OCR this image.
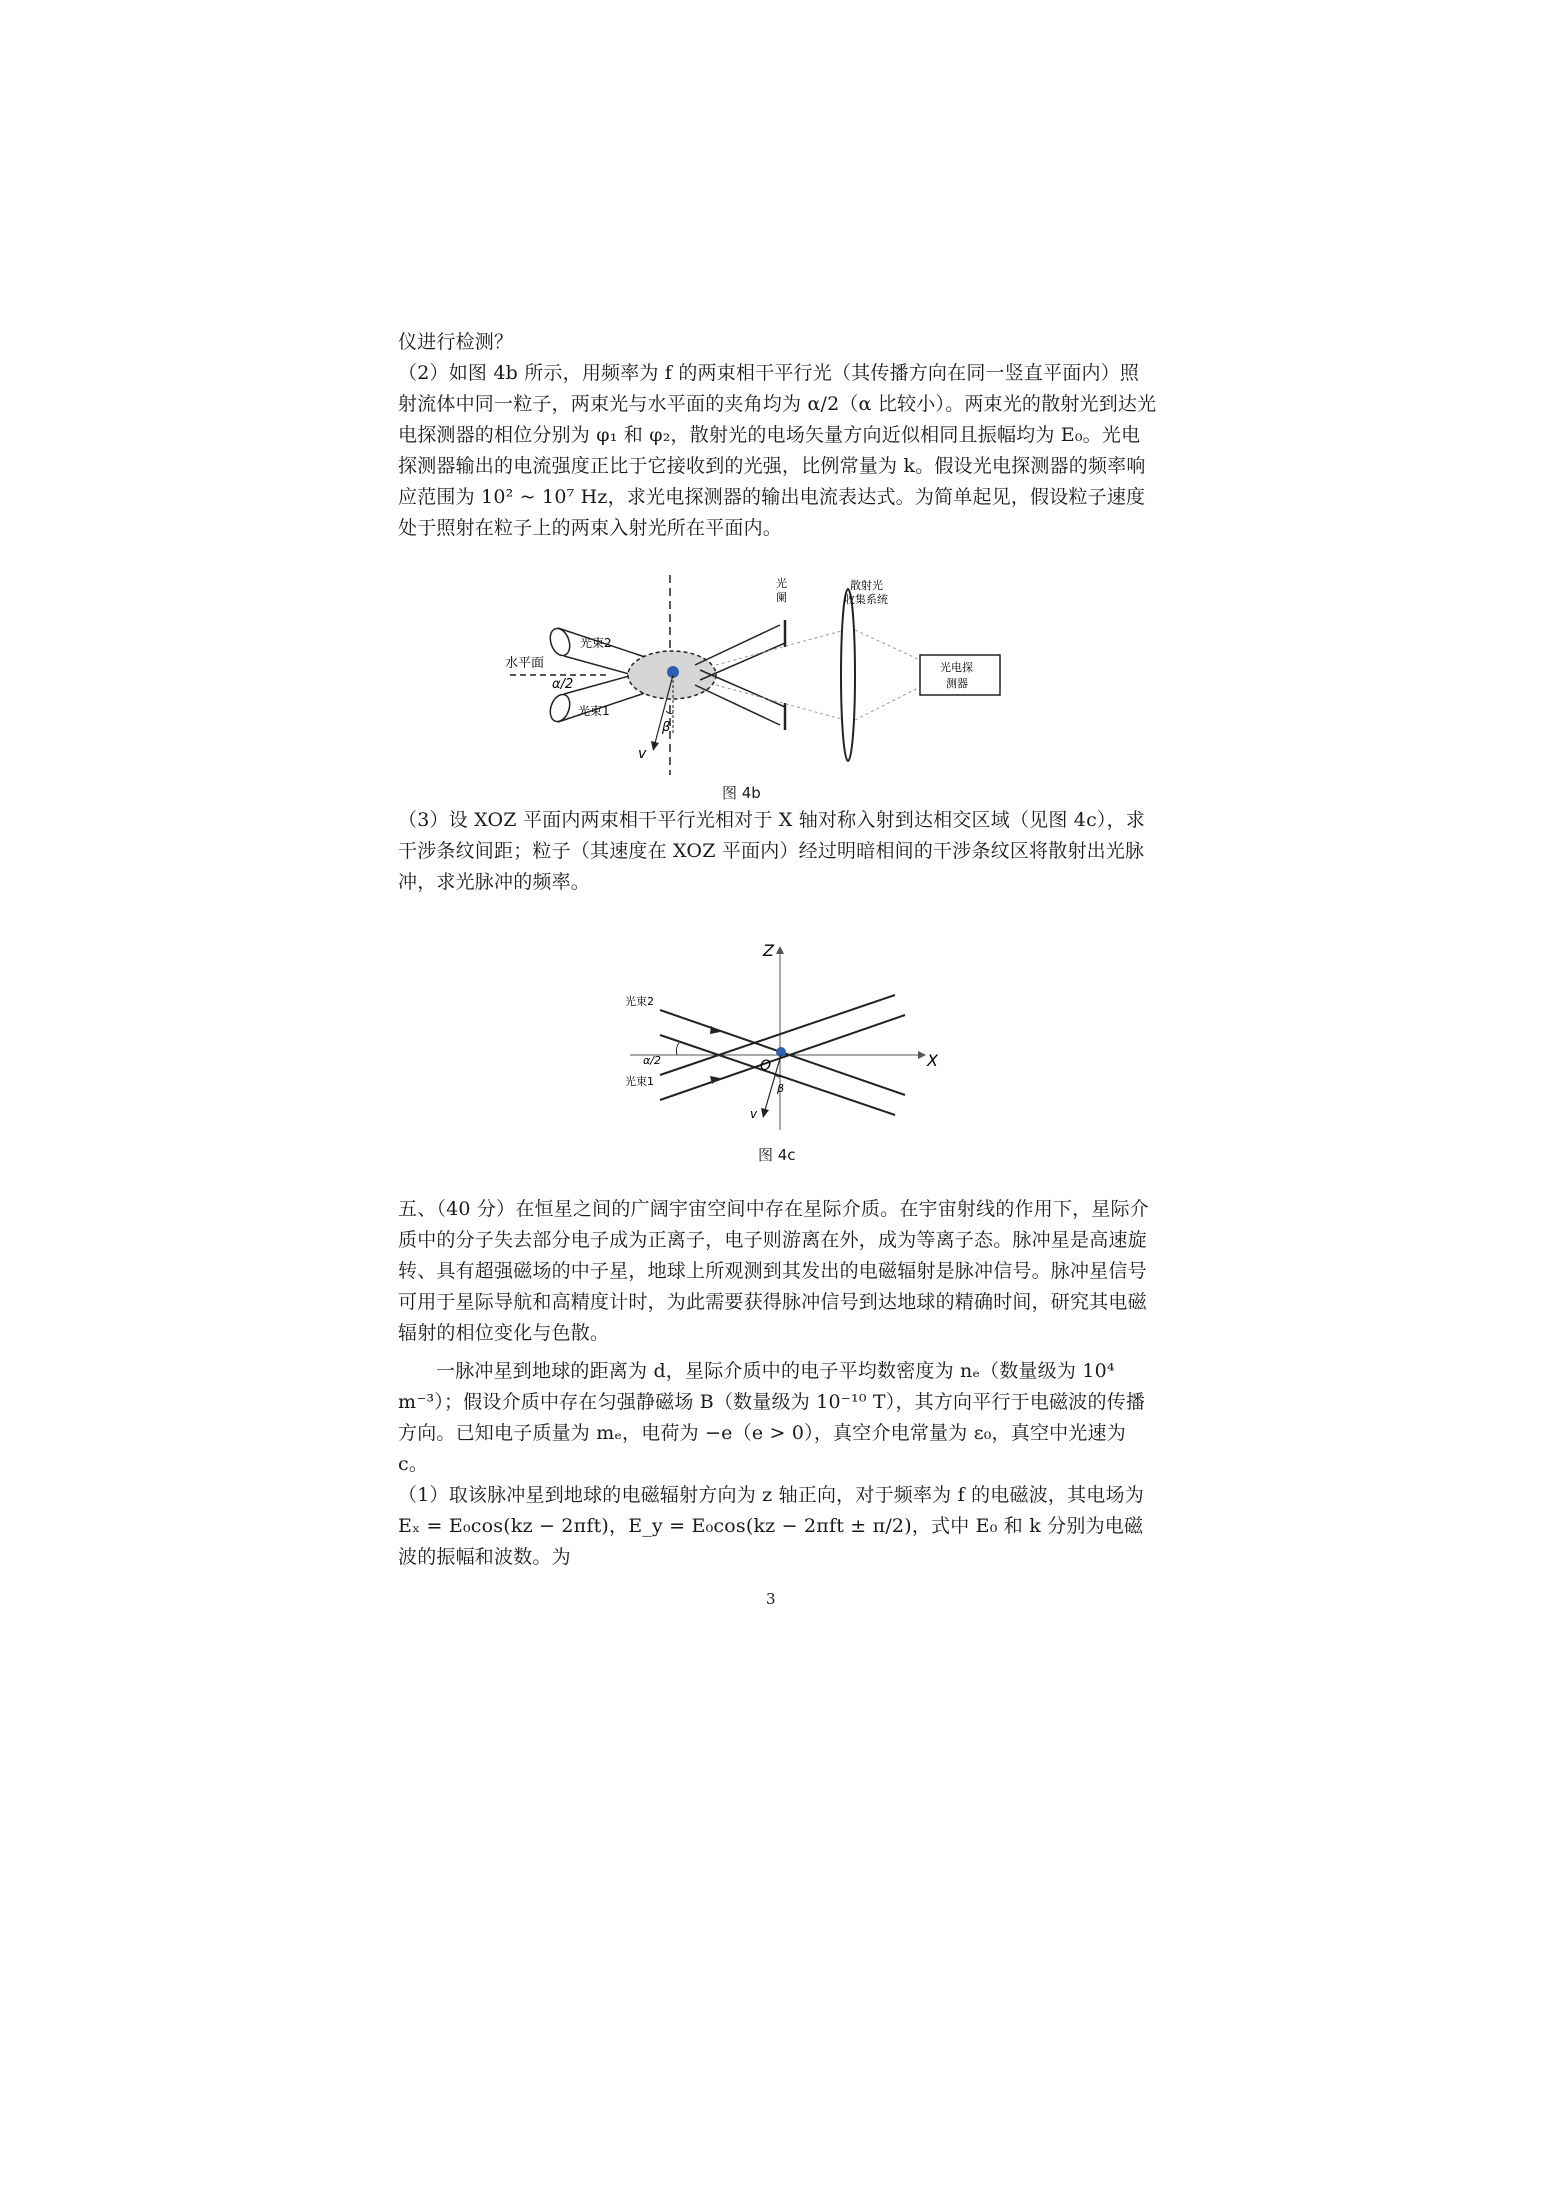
仪进行检测？

（2）如图 4b 所示，用频率为 f 的两束相干平行光（其传播方向在同一竖直平面内）照射流体中同一粒子，两束光与水平面的夹角均为 α/2（α 比较小）。两束光的散射光到达光电探测器的相位分别为 φ₁ 和 φ₂，散射光的电场矢量方向近似相同且振幅均为 E₀。光电探测器输出的电流强度正比于它接收到的光强，比例常量为 k。假设光电探测器的频率响应范围为 10² ~ 10⁷ Hz，求光电探测器的输出电流表达式。为简单起见，假设粒子速度处于照射在粒子上的两束入射光所在平面内。

水平面
光束2
光束1
α/2
β
v
光
阑
散射光
收集系统
光电探
测器

图 4b

（3）设 XOZ 平面内两束相干平行光相对于 X 轴对称入射到达相交区域（见图 4c），求干涉条纹间距；粒子（其速度在 XOZ 平面内）经过明暗相间的干涉条纹区将散射出光脉冲，求光脉冲的频率。

Z
X
O
光束2
光束1
α/2
β
v

图 4c

五、（40 分）在恒星之间的广阔宇宙空间中存在星际介质。在宇宙射线的作用下，星际介质中的分子失去部分电子成为正离子，电子则游离在外，成为等离子态。脉冲星是高速旋转、具有超强磁场的中子星，地球上所观测到其发出的电磁辐射是脉冲信号。脉冲星信号可用于星际导航和高精度计时，为此需要获得脉冲信号到达地球的精确时间，研究其电磁辐射的相位变化与色散。

一脉冲星到地球的距离为 d，星际介质中的电子平均数密度为 nₑ（数量级为 10⁴ m⁻³）；假设介质中存在匀强静磁场 B（数量级为 10⁻¹⁰ T），其方向平行于电磁波的传播方向。已知电子质量为 mₑ，电荷为 −e（e > 0），真空介电常量为 ε₀，真空中光速为 c。

（1）取该脉冲星到地球的电磁辐射方向为 z 轴正向，对于频率为 f 的电磁波，其电场为 Eₓ = E₀cos(kz − 2πft)，E_y = E₀cos(kz − 2πft ± π/2)，式中 E₀ 和 k 分别为电磁波的振幅和波数。为

3
